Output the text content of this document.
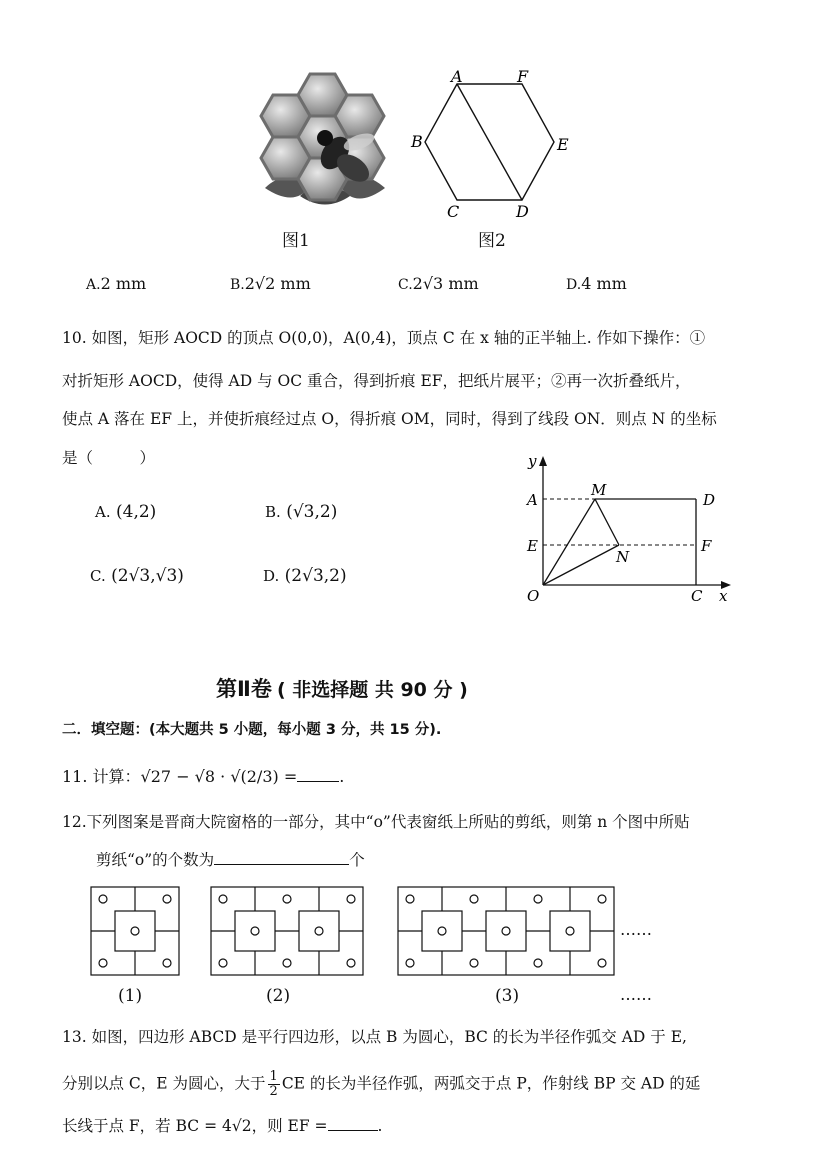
A	F
B	E
C	D
图1	图2
A.2 mm	B.2√2 mm	C.2√3 mm	D.4 mm
10. 如图，矩形 AOCD 的顶点 O(0,0)，A(0,4)，顶点 C 在 x 轴的正半轴上. 作如下操作：①
对折矩形 AOCD，使得 AD 与 OC 重合，得到折痕 EF，把纸片展平；②再一次折叠纸片，
使点 A 落在 EF 上，并使折痕经过点 O，得折痕 OM，同时，得到了线段 ON．则点 N 的坐标
是（　　　）
A. (4,2)	B. (√3,2)
C. (2√3,√3)	D. (2√3,2)
y
A
M
D
E
N
F
O	C x
第Ⅱ卷 ( 非选择题 共 90 分 )
二．填空题：(本大题共 5 小题，每小题 3 分，共 15 分).
11. 计算：√27 − √8 · √(2/3) =	.
12.下列图案是晋商大院窗格的一部分，其中“o”代表窗纸上所贴的剪纸，则第 n 个图中所贴
剪纸“o”的个数为	个
……
(1)	(2)	(3)	……
13. 如图，四边形 ABCD 是平行四边形，以点 B 为圆心，BC 的长为半径作弧交 AD 于 E,
分别以点 C，E 为圆心，大于 $\frac{1}{2}$ CE 的长为半径作弧，两弧交于点 P，作射线 BP 交 AD 的延
长线于点 F，若 BC = 4√2，则 EF =	.
